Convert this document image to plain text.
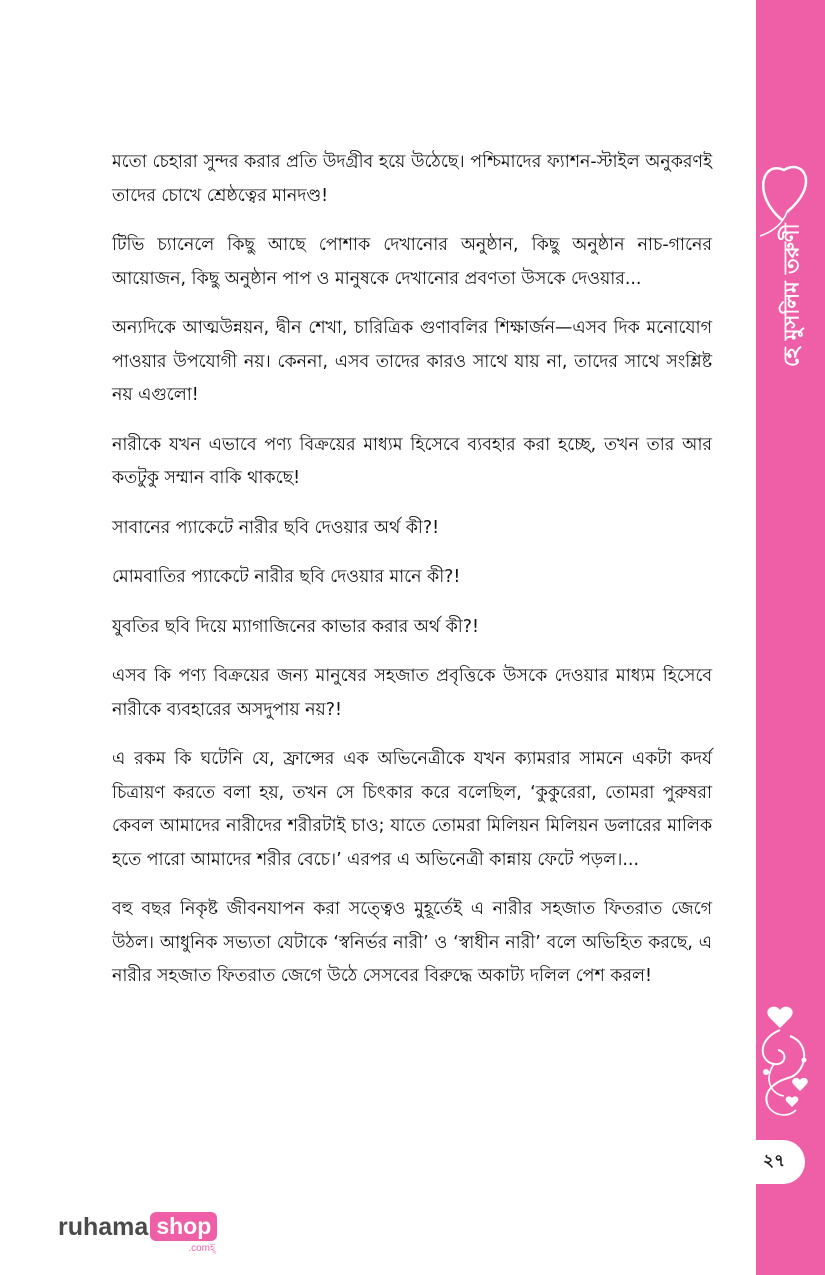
মতো চেহারা সুন্দর করার প্রতি উদগ্রীব হয়ে উঠেছে। পশ্চিমাদের ফ্যাশন-স্টাইল অনুকরণই তাদের চোখে শ্রেষ্ঠত্বের মানদণ্ড!

টিভি চ্যানেলে কিছু আছে পোশাক দেখানোর অনুষ্ঠান, কিছু অনুষ্ঠান নাচ-গানের আয়োজন, কিছু অনুষ্ঠান পাপ ও মানুষকে দেখানোর প্রবণতা উসকে দেওয়ার...

অন্যদিকে আত্মউন্নয়ন, দ্বীন শেখা, চারিত্রিক গুণাবলির শিক্ষার্জন—এসব দিক মনোযোগ পাওয়ার উপযোগী নয়। কেননা, এসব তাদের কারও সাথে যায় না, তাদের সাথে সংশ্লিষ্ট নয় এগুলো!

নারীকে যখন এভাবে পণ্য বিক্রয়ের মাধ্যম হিসেবে ব্যবহার করা হচ্ছে, তখন তার আর কতটুকু সম্মান বাকি থাকছে!

সাবানের প্যাকেটে নারীর ছবি দেওয়ার অর্থ কী?!

মোমবাতির প্যাকেটে নারীর ছবি দেওয়ার মানে কী?!

যুবতির ছবি দিয়ে ম্যাগাজিনের কাভার করার অর্থ কী?!

এসব কি পণ্য বিক্রয়ের জন্য মানুষের সহজাত প্রবৃত্তিকে উসকে দেওয়ার মাধ্যম হিসেবে নারীকে ব্যবহারের অসদুপায় নয়?!

এ রকম কি ঘটেনি যে, ফ্রান্সের এক অভিনেত্রীকে যখন ক্যামরার সামনে একটা কদর্য চিত্রায়ণ করতে বলা হয়, তখন সে চিৎকার করে বলেছিল, ‘কুকুরেরা, তোমরা পুরুষরা কেবল আমাদের নারীদের শরীরটাই চাও; যাতে তোমরা মিলিয়ন মিলিয়ন ডলারের মালিক হতে পারো আমাদের শরীর বেচে।’ এরপর এ অভিনেত্রী কান্নায় ফেটে পড়ল।...

বহু বছর নিকৃষ্ট জীবনযাপন করা সত্ত্বেও মুহূর্তেই এ নারীর সহজাত ফিতরাত জেগে উঠল। আধুনিক সভ্যতা যেটাকে ‘স্বনির্ভর নারী’ ও ‘স্বাধীন নারী’ বলে অভিহিত করছে, এ নারীর সহজাত ফিতরাত জেগে উঠে সেসবের বিরুদ্ধে অকাট্য দলিল পেশ করল!

হে মুসলিম তরুণী
২৭
ruhama shop
.comহ্
